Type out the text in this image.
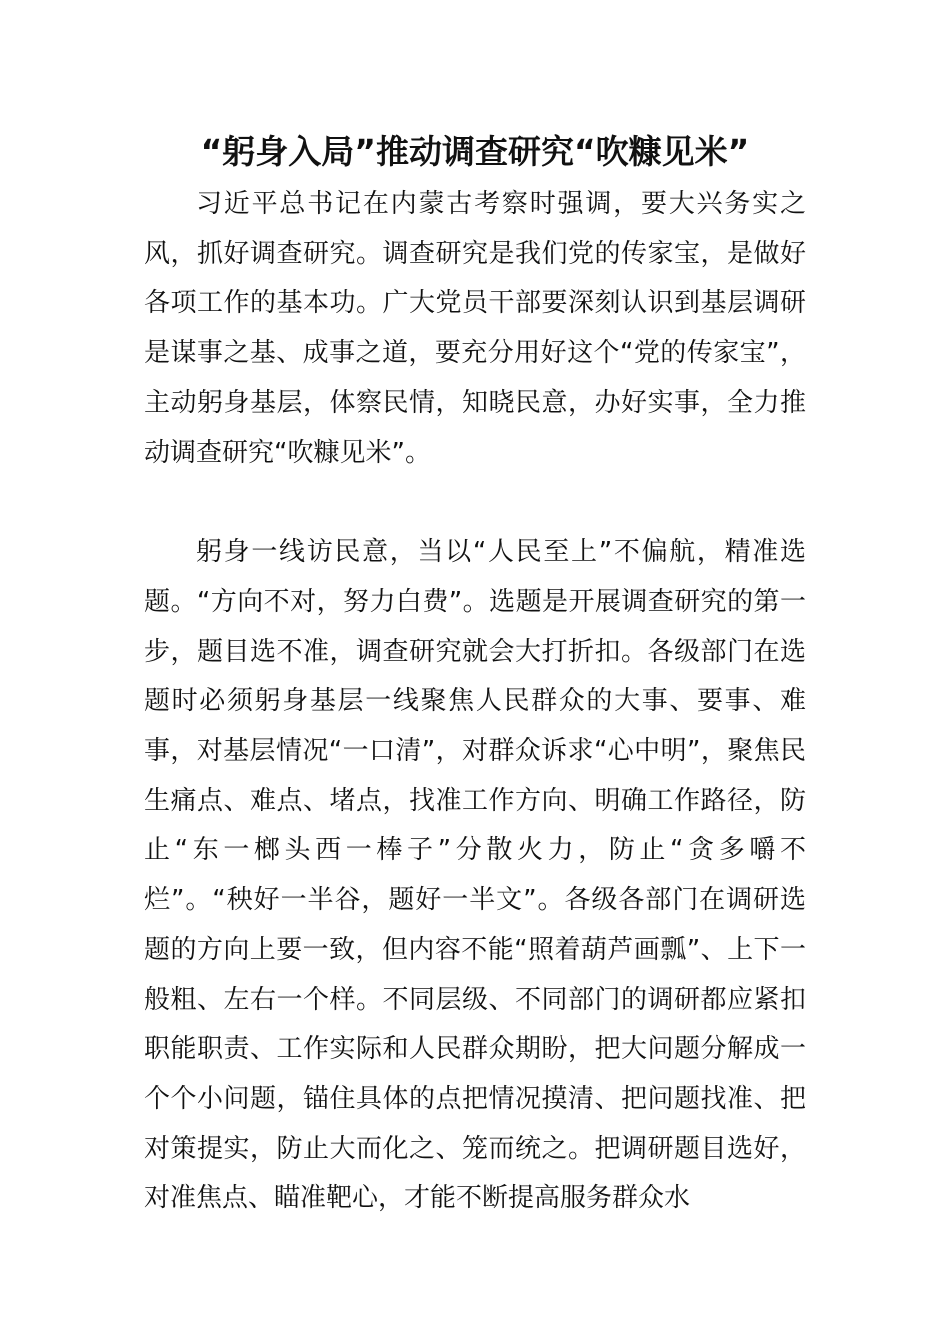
“躬身入局”推动调查研究“吹糠见米”

习近平总书记在内蒙古考察时强调，要大兴务实之风，抓好调查研究。调查研究是我们党的传家宝，是做好各项工作的基本功。广大党员干部要深刻认识到基层调研是谋事之基、成事之道，要充分用好这个“党的传家宝”，主动躬身基层，体察民情，知晓民意，办好实事，全力推动调查研究“吹糠见米”。

躬身一线访民意，当以“人民至上”不偏航，精准选题。“方向不对，努力白费”。选题是开展调查研究的第一步，题目选不准，调查研究就会大打折扣。各级部门在选题时必须躬身基层一线聚焦人民群众的大事、要事、难事，对基层情况“一口清”，对群众诉求“心中明”，聚焦民生痛点、难点、堵点，找准工作方向、明确工作路径，防止“东一榔头西一棒子”分散火力，防止“贪多嚼不烂”。“秧好一半谷，题好一半文”。各级各部门在调研选题的方向上要一致，但内容不能“照着葫芦画瓢”、上下一般粗、左右一个样。不同层级、不同部门的调研都应紧扣职能职责、工作实际和人民群众期盼，把大问题分解成一个个小问题，锚住具体的点把情况摸清、把问题找准、把对策提实，防止大而化之、笼而统之。把调研题目选好，对准焦点、瞄准靶心，才能不断提高服务群众水
